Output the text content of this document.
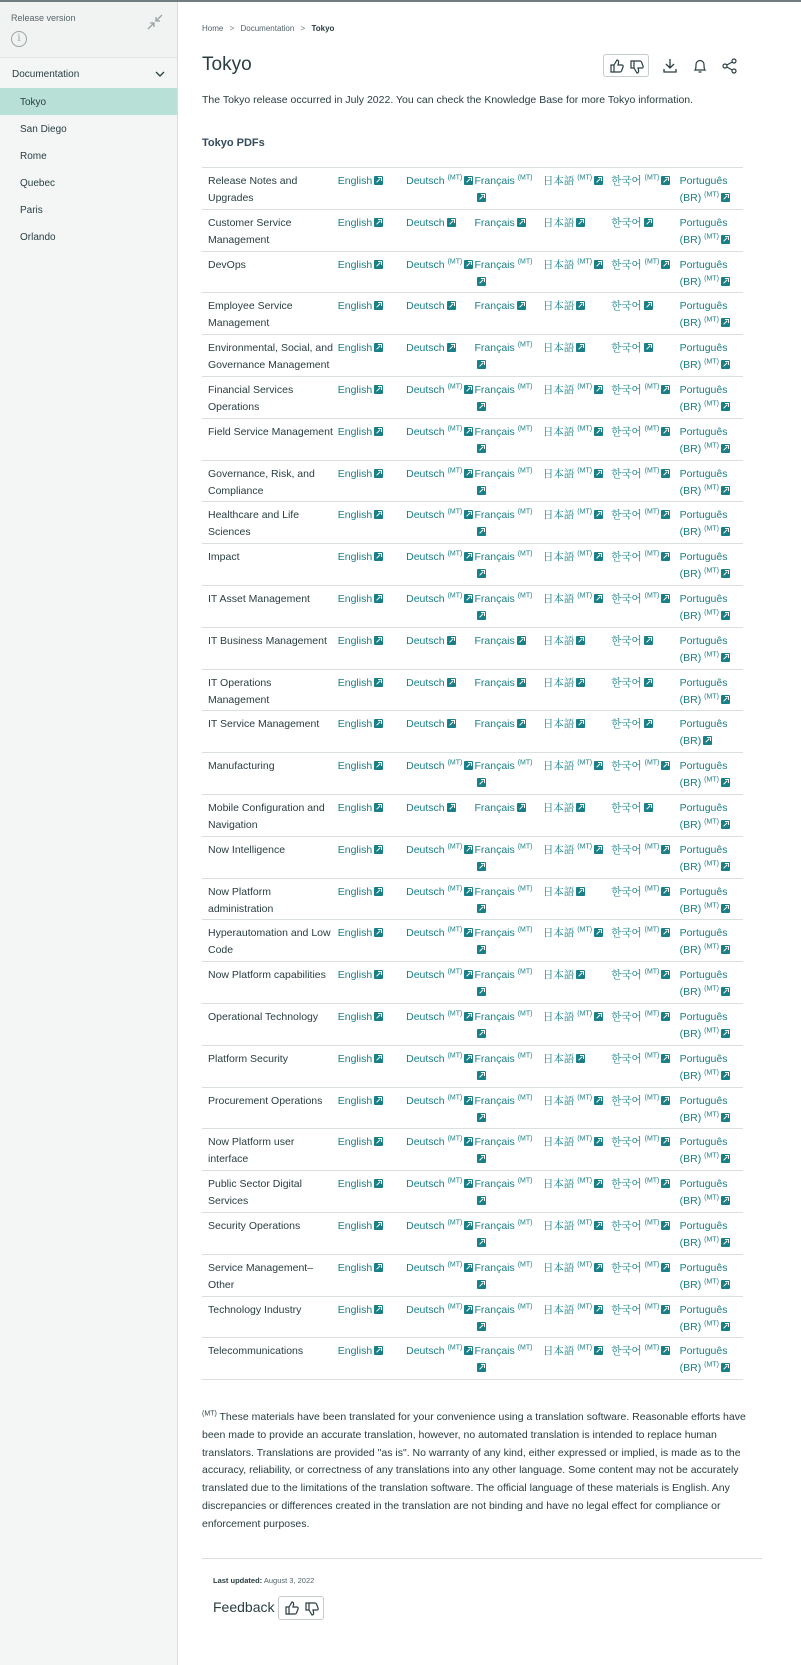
Release version
i
Documentation
Tokyo
San Diego
Rome
Quebec
Paris
Orlando
Home > Documentation > Tokyo
Tokyo
The Tokyo release occurred in July 2022. You can check the Knowledge Base for more Tokyo information.
Tokyo PDFs
Release Notes and Upgrades	English	Deutsch $^{(MT)}$	Français $^{(MT)}$	日本語 $^{(MT)}$	한국어 $^{(MT)}$	Português (BR) $^{(MT)}$
Customer Service Management	English	Deutsch	Français	日本語	한국어	Português (BR) $^{(MT)}$
DevOps	English	Deutsch $^{(MT)}$	Français $^{(MT)}$	日本語 $^{(MT)}$	한국어 $^{(MT)}$	Português (BR) $^{(MT)}$
Employee Service Management	English	Deutsch	Français	日本語	한국어	Português (BR) $^{(MT)}$
Environmental, Social, and Governance Management	English	Deutsch	Français $^{(MT)}$	日本語	한국어	Português (BR) $^{(MT)}$
Financial Services Operations	English	Deutsch $^{(MT)}$	Français $^{(MT)}$	日本語 $^{(MT)}$	한국어 $^{(MT)}$	Português (BR) $^{(MT)}$
Field Service Management	English	Deutsch $^{(MT)}$	Français $^{(MT)}$	日本語 $^{(MT)}$	한국어 $^{(MT)}$	Português (BR) $^{(MT)}$
Governance, Risk, and Compliance	English	Deutsch $^{(MT)}$	Français $^{(MT)}$	日本語 $^{(MT)}$	한국어 $^{(MT)}$	Português (BR) $^{(MT)}$
Healthcare and Life Sciences	English	Deutsch $^{(MT)}$	Français $^{(MT)}$	日本語 $^{(MT)}$	한국어 $^{(MT)}$	Português (BR) $^{(MT)}$
Impact	English	Deutsch $^{(MT)}$	Français $^{(MT)}$	日本語 $^{(MT)}$	한국어 $^{(MT)}$	Português (BR) $^{(MT)}$
IT Asset Management	English	Deutsch $^{(MT)}$	Français $^{(MT)}$	日本語 $^{(MT)}$	한국어 $^{(MT)}$	Português (BR) $^{(MT)}$
IT Business Management	English	Deutsch	Français	日本語	한국어	Português (BR) $^{(MT)}$
IT Operations Management	English	Deutsch	Français	日本語	한국어	Português (BR) $^{(MT)}$
IT Service Management	English	Deutsch	Français	日本語	한국어	Português (BR)
Manufacturing	English	Deutsch $^{(MT)}$	Français $^{(MT)}$	日本語 $^{(MT)}$	한국어 $^{(MT)}$	Português (BR) $^{(MT)}$
Mobile Configuration and Navigation	English	Deutsch	Français	日本語	한국어	Português (BR) $^{(MT)}$
Now Intelligence	English	Deutsch $^{(MT)}$	Français $^{(MT)}$	日本語 $^{(MT)}$	한국어 $^{(MT)}$	Português (BR) $^{(MT)}$
Now Platform administration	English	Deutsch $^{(MT)}$	Français $^{(MT)}$	日本語	한국어 $^{(MT)}$	Português (BR) $^{(MT)}$
Hyperautomation and Low Code	English	Deutsch $^{(MT)}$	Français $^{(MT)}$	日本語 $^{(MT)}$	한국어 $^{(MT)}$	Português (BR) $^{(MT)}$
Now Platform capabilities	English	Deutsch $^{(MT)}$	Français $^{(MT)}$	日本語	한국어 $^{(MT)}$	Português (BR) $^{(MT)}$
Operational Technology	English	Deutsch $^{(MT)}$	Français $^{(MT)}$	日本語 $^{(MT)}$	한국어 $^{(MT)}$	Português (BR) $^{(MT)}$
Platform Security	English	Deutsch $^{(MT)}$	Français $^{(MT)}$	日本語	한국어 $^{(MT)}$	Português (BR) $^{(MT)}$
Procurement Operations	English	Deutsch $^{(MT)}$	Français $^{(MT)}$	日本語 $^{(MT)}$	한국어 $^{(MT)}$	Português (BR) $^{(MT)}$
Now Platform user interface	English	Deutsch $^{(MT)}$	Français $^{(MT)}$	日本語 $^{(MT)}$	한국어 $^{(MT)}$	Português (BR) $^{(MT)}$
Public Sector Digital Services	English	Deutsch $^{(MT)}$	Français $^{(MT)}$	日本語 $^{(MT)}$	한국어 $^{(MT)}$	Português (BR) $^{(MT)}$
Security Operations	English	Deutsch $^{(MT)}$	Français $^{(MT)}$	日本語 $^{(MT)}$	한국어 $^{(MT)}$	Português (BR) $^{(MT)}$
Service Management–Other	English	Deutsch $^{(MT)}$	Français $^{(MT)}$	日本語 $^{(MT)}$	한국어 $^{(MT)}$	Português (BR) $^{(MT)}$
Technology Industry	English	Deutsch $^{(MT)}$	Français $^{(MT)}$	日本語 $^{(MT)}$	한국어 $^{(MT)}$	Português (BR) $^{(MT)}$
Telecommunications	English	Deutsch $^{(MT)}$	Français $^{(MT)}$	日本語 $^{(MT)}$	한국어 $^{(MT)}$	Português (BR) $^{(MT)}$
$^{(MT)}$ These materials have been translated for your convenience using a translation software. Reasonable efforts have been made to provide an accurate translation, however, no automated translation is intended to replace human translators. Translations are provided "as is". No warranty of any kind, either expressed or implied, is made as to the accuracy, reliability, or correctness of any translations into any other language. Some content may not be accurately translated due to the limitations of the translation software. The official language of these materials is English. Any discrepancies or differences created in the translation are not binding and have no legal effect for compliance or enforcement purposes.
Last updated: August 3, 2022
Feedback
